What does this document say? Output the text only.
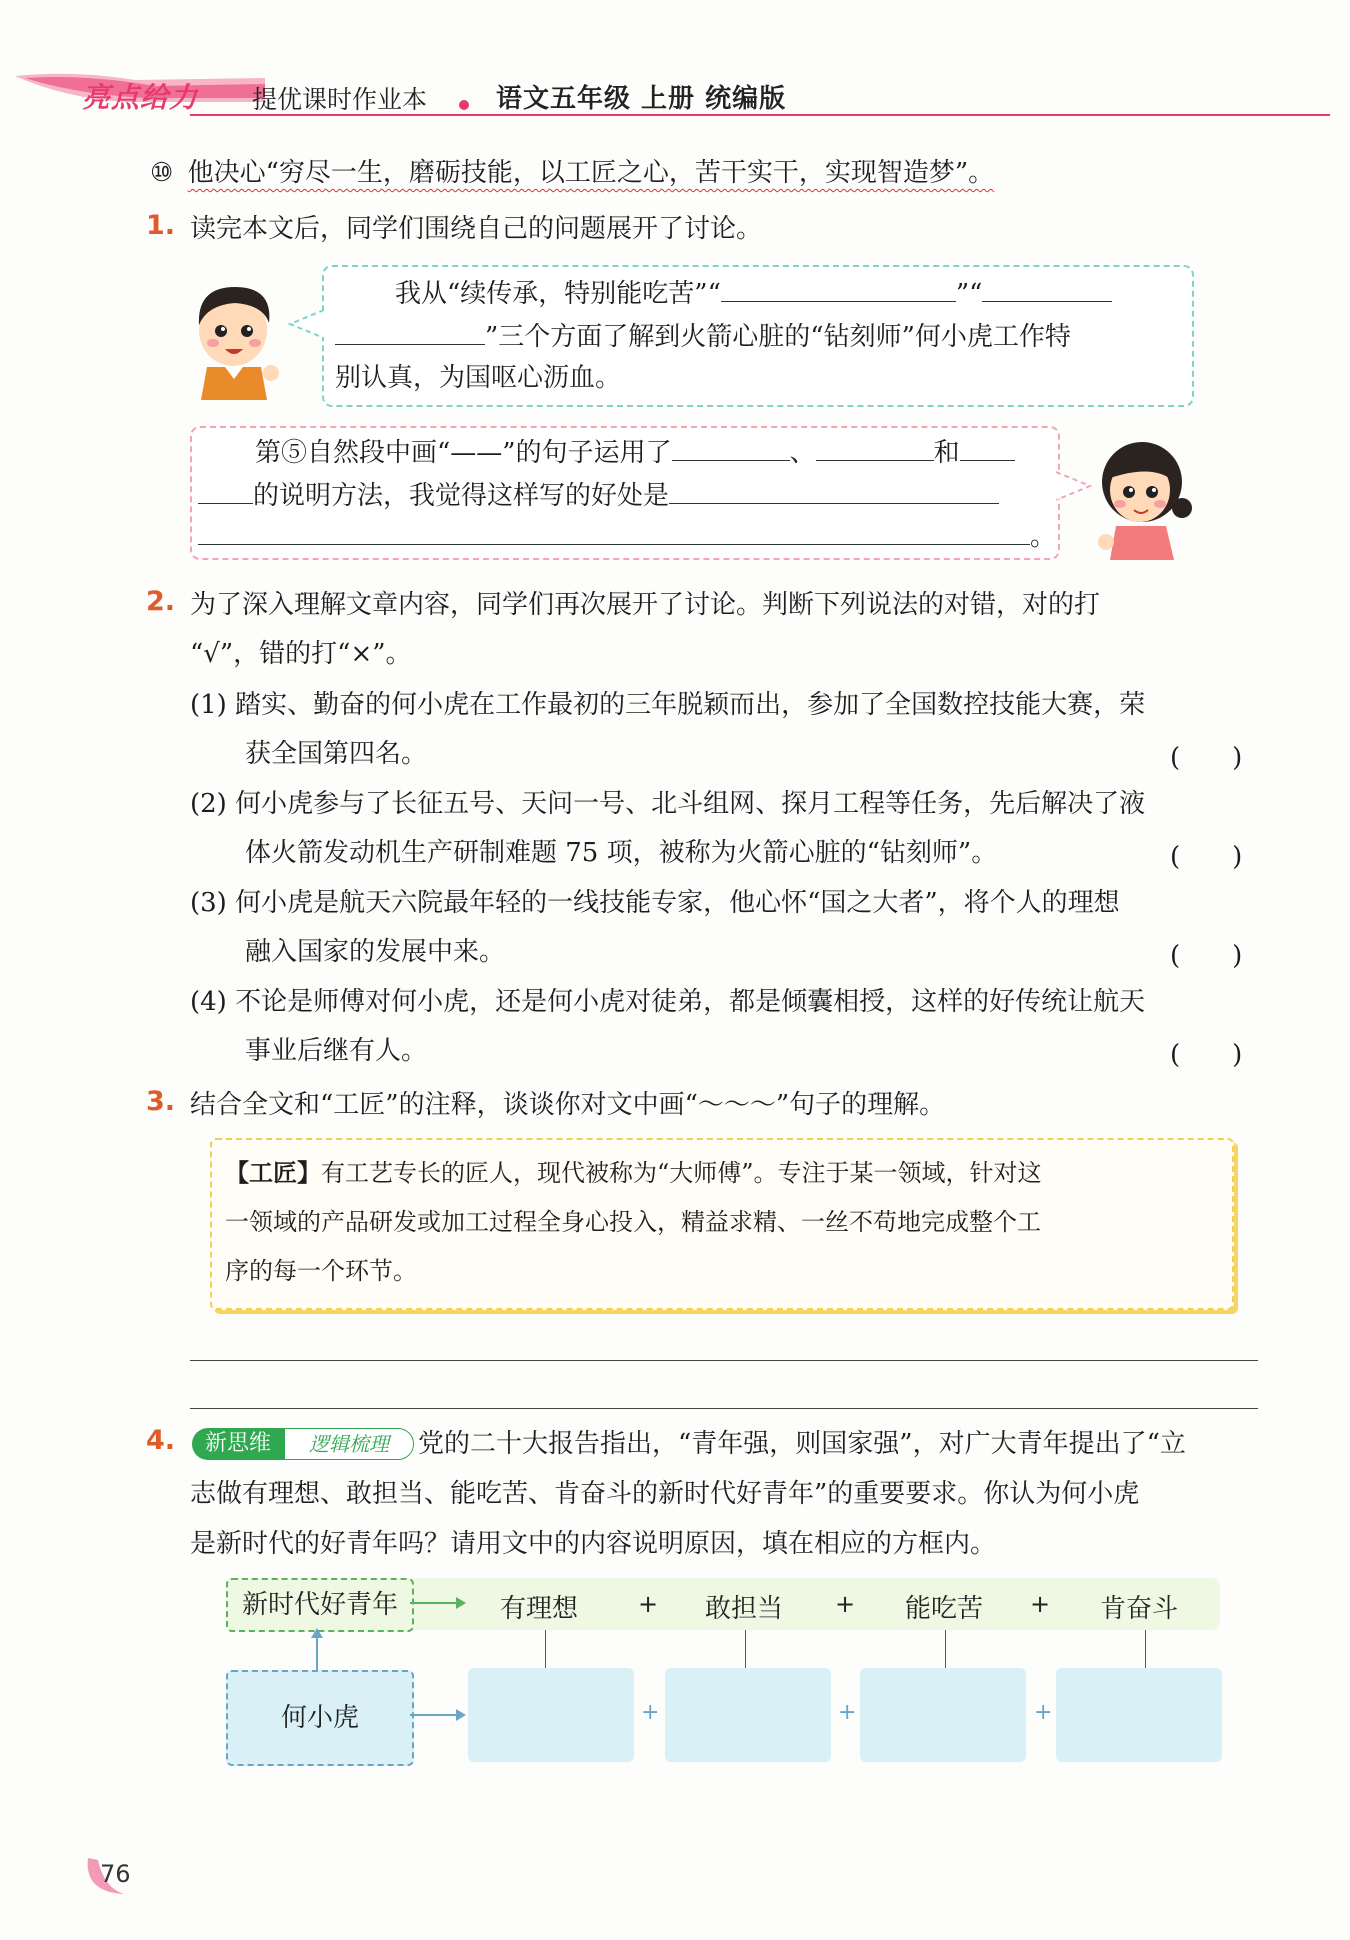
亮点给力 提优课时作业本	语文五年级 上册 统编版
⑩ 他决心“穷尽一生，磨砺技能，以工匠之心，苦干实干，实现智造梦”。
1. 读完本文后，同学们围绕自己的问题展开了讨论。
我从“续传承，特别能吃苦”“	”“
”三个方面了解到火箭心脏的“钻刻师”何小虎工作特
别认真，为国呕心沥血。
第⑤自然段中画“——”的句子运用了	、	和
的说明方法，我觉得这样写的好处是
。
2. 为了深入理解文章内容，同学们再次展开了讨论。判断下列说法的对错，对的打
“√”，错的打“×”。
(1) 踏实、勤奋的何小虎在工作最初的三年脱颖而出，参加了全国数控技能大赛，荣
获全国第四名。	(　　)
(2) 何小虎参与了长征五号、天问一号、北斗组网、探月工程等任务，先后解决了液
体火箭发动机生产研制难题 75 项，被称为火箭心脏的“钻刻师”。	(　　)
(3) 何小虎是航天六院最年轻的一线技能专家，他心怀“国之大者”，将个人的理想
融入国家的发展中来。	(　　)
(4) 不论是师傅对何小虎，还是何小虎对徒弟，都是倾囊相授，这样的好传统让航天
事业后继有人。	(　　)
3. 结合全文和“工匠”的注释，谈谈你对文中画“～～～”句子的理解。
【工匠】有工艺专长的匠人，现代被称为“大师傅”。专注于某一领域，针对这
一领域的产品研发或加工过程全身心投入，精益求精、一丝不苟地完成整个工
序的每一个环节。
4.	新思维	逻辑梳理	党的二十大报告指出，“青年强，则国家强”，对广大青年提出了“立
志做有理想、敢担当、能吃苦、肯奋斗的新时代好青年”的重要要求。你认为何小虎
是新时代的好青年吗？请用文中的内容说明原因，填在相应的方框内。
新时代好青年	有理想 + 敢担当 + 能吃苦 + 肯奋斗
何小虎	+	+	+
76
